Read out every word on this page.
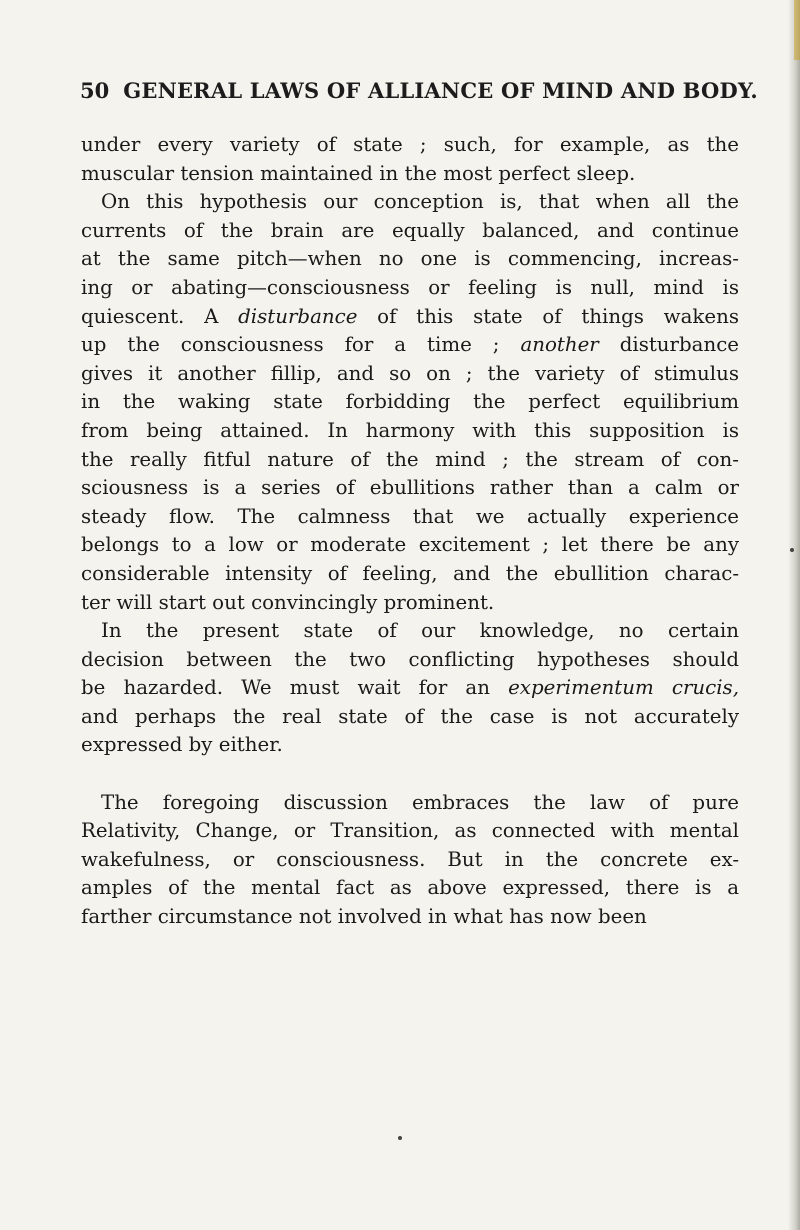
50 GENERAL LAWS OF ALLIANCE OF MIND AND BODY.

under every variety of state ; such, for example, as the
muscular tension maintained in the most perfect sleep.

On this hypothesis our conception is, that when all the
currents of the brain are equally balanced, and continue
at the same pitch—when no one is commencing, increas-
ing or abating—consciousness or feeling is null, mind is
quiescent. A disturbance of this state of things wakens
up the consciousness for a time ; another disturbance
gives it another fillip, and so on ; the variety of stimulus
in the waking state forbidding the perfect equilibrium
from being attained. In harmony with this supposition is
the really fitful nature of the mind ; the stream of con-
sciousness is a series of ebullitions rather than a calm or
steady flow. The calmness that we actually experience
belongs to a low or moderate excitement ; let there be any
considerable intensity of feeling, and the ebullition charac-
ter will start out convincingly prominent.

In the present state of our knowledge, no certain
decision between the two conflicting hypotheses should
be hazarded. We must wait for an experimentum crucis,
and perhaps the real state of the case is not accurately
expressed by either.

The foregoing discussion embraces the law of pure
Relativity, Change, or Transition, as connected with mental
wakefulness, or consciousness. But in the concrete ex-
amples of the mental fact as above expressed, there is a
farther circumstance not involved in what has now been
